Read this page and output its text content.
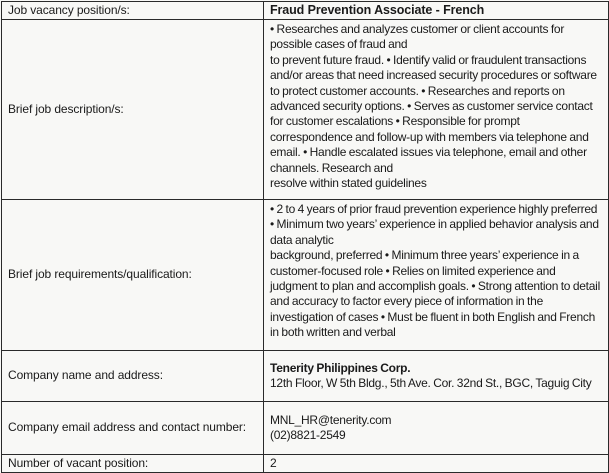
Job vacancy position/s:	Fraud Prevention Associate - French
Brief job description/s:	• Researches and analyzes customer or client accounts for possible cases of fraud and
to prevent future fraud. • Identify valid or fraudulent transactions and/or areas that need increased security procedures or software to protect customer accounts. • Researches and reports on advanced security options. • Serves as customer service contact for customer escalations • Responsible for prompt correspondence and follow-up with members via telephone and email. • Handle escalated issues via telephone, email and other channels. Research and
resolve within stated guidelines
Brief job requirements/qualification:	• 2 to 4 years of prior fraud prevention experience highly preferred • Minimum two years’ experience in applied behavior analysis and data analytic
background, preferred • Minimum three years’ experience in a customer-focused role • Relies on limited experience and judgment to plan and accomplish goals. • Strong attention to detail and accuracy to factor every piece of information in the investigation of cases • Must be fluent in both English and French in both written and verbal
Company name and address:	Tenerity Philippines Corp.
12th Floor, W 5th Bldg., 5th Ave. Cor. 32nd St., BGC, Taguig City

Company email address and contact number:	MNL_HR@tenerity.com
(02)8821-2549

Number of vacant position:	2
